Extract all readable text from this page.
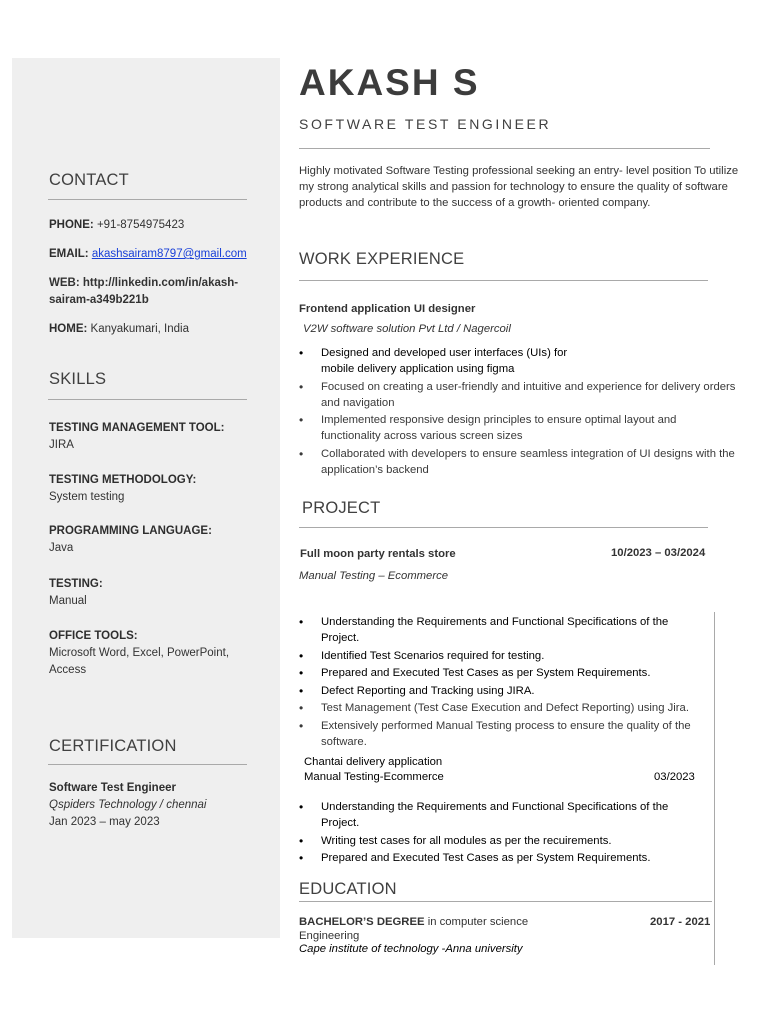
CONTACT
PHONE: +91-8754975423
EMAIL: akashsairam8797@gmail.com
WEB: http://linkedin.com/in/akash-sairam-a349b221b
HOME: Kanyakumari, India
SKILLS
TESTING MANAGEMENT TOOL:
JIRA
TESTING METHODOLOGY:
System testing
PROGRAMMING LANGUAGE:
Java
TESTING:
Manual
OFFICE TOOLS:
Microsoft Word, Excel, PowerPoint, Access
CERTIFICATION
Software Test Engineer
Qspiders Technology / chennai
Jan 2023 – may 2023
AKASH S
SOFTWARE TEST ENGINEER
Highly motivated Software Testing professional seeking an entry- level position To utilize my strong analytical skills and passion for technology to ensure the quality of software products and contribute to the success of a growth- oriented company.
WORK EXPERIENCE
Frontend application UI designer
V2W software solution Pvt Ltd / Nagercoil
• Designed and developed user interfaces (UIs) for mobile delivery application using figma
• Focused on creating a user-friendly and intuitive and experience for delivery orders and navigation
• Implemented responsive design principles to ensure optimal layout and functionality across various screen sizes
• Collaborated with developers to ensure seamless integration of UI designs with the application’s backend
PROJECT
Full moon party rentals store	10/2023 – 03/2024
Manual Testing – Ecommerce
• Understanding the Requirements and Functional Specifications of the Project.
• Identified Test Scenarios required for testing.
• Prepared and Executed Test Cases as per System Requirements.
• Defect Reporting and Tracking using JIRA.
• Test Management (Test Case Execution and Defect Reporting) using Jira.
• Extensively performed Manual Testing process to ensure the quality of the software.
Chantai delivery application
Manual Testing-Ecommerce	03/2023
• Understanding the Requirements and Functional Specifications of the Project.
• Writing test cases for all modules as per the recuirements.
• Prepared and Executed Test Cases as per System Requirements.
EDUCATION
BACHELOR’S DEGREE in computer science Engineering
2017 - 2021
Cape institute of technology -Anna university
